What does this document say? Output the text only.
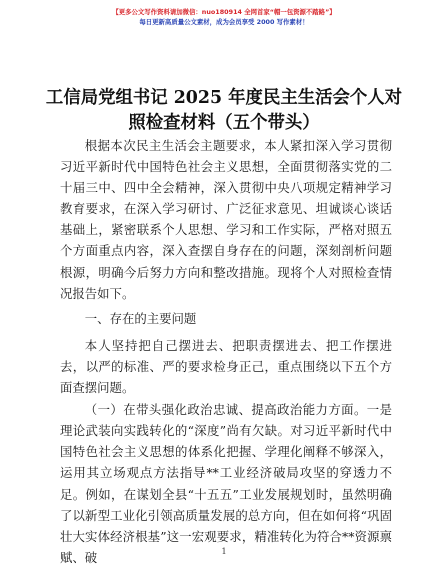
【更多公文写作资料请加微信：nuo180914 全网首家“帽一包资源不踏路”】
每日更新高质量公文素材，成为会员享受 2000 写作素材！
工信局党组书记 2025 年度民主生活会个人对照检查材料（五个带头）

根据本次民主生活会主题要求，本人紧扣深入学习贯彻习近平新时代中国特色社会主义思想，全面贯彻落实党的二十届三中、四中全会精神，深入贯彻中央八项规定精神学习教育要求，在深入学习研讨、广泛征求意见、坦诚谈心谈话基础上，紧密联系个人思想、学习和工作实际，严格对照五个方面重点内容，深入查摆自身存在的问题，深刻剖析问题根源，明确今后努力方向和整改措施。现将个人对照检查情况报告如下。

一、存在的主要问题

本人坚持把自己摆进去、把职责摆进去、把工作摆进去，以严的标准、严的要求检身正己，重点围绕以下五个方面查摆问题。

（一）在带头强化政治忠诚、提高政治能力方面。一是理论武装向实践转化的“深度”尚有欠缺。对习近平新时代中国特色社会主义思想的体系化把握、学理化阐释不够深入，运用其立场观点方法指导**工业经济破局攻坚的穿透力不足。例如，在谋划全县“十五五”工业发展规划时，虽然明确了以新型工业化引领高质量发展的总方向，但在如何将“巩固壮大实体经济根基”这一宏观要求，精准转化为符合**资源禀赋、破	1
